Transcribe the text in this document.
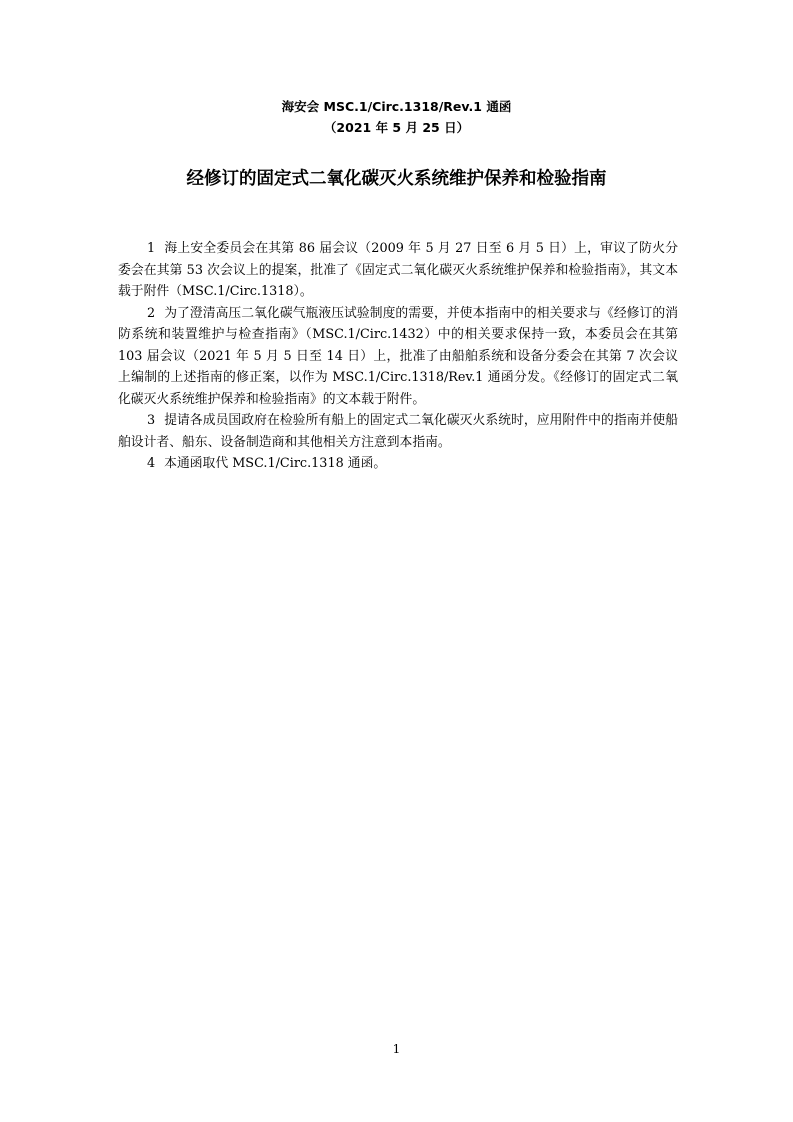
海安会 MSC.1/Circ.1318/Rev.1 通函
（2021 年 5 月 25 日）
经修订的固定式二氧化碳灭火系统维护保养和检验指南

1 海上安全委员会在其第 86 届会议（2009 年 5 月 27 日至 6 月 5 日）上，审议了防火分委会在其第 53 次会议上的提案，批准了《固定式二氧化碳灭火系统维护保养和检验指南》，其文本载于附件（MSC.1/Circ.1318）。

2 为了澄清高压二氧化碳气瓶液压试验制度的需要，并使本指南中的相关要求与《经修订的消防系统和装置维护与检查指南》（MSC.1/Circ.1432）中的相关要求保持一致，本委员会在其第 103 届会议（2021 年 5 月 5 日至 14 日）上，批准了由船舶系统和设备分委会在其第 7 次会议上编制的上述指南的修正案，以作为 MSC.1/Circ.1318/Rev.1 通函分发。《经修订的固定式二氧化碳灭火系统维护保养和检验指南》的文本载于附件。

3 提请各成员国政府在检验所有船上的固定式二氧化碳灭火系统时，应用附件中的指南并使船舶设计者、船东、设备制造商和其他相关方注意到本指南。

4 本通函取代 MSC.1/Circ.1318 通函。

1
